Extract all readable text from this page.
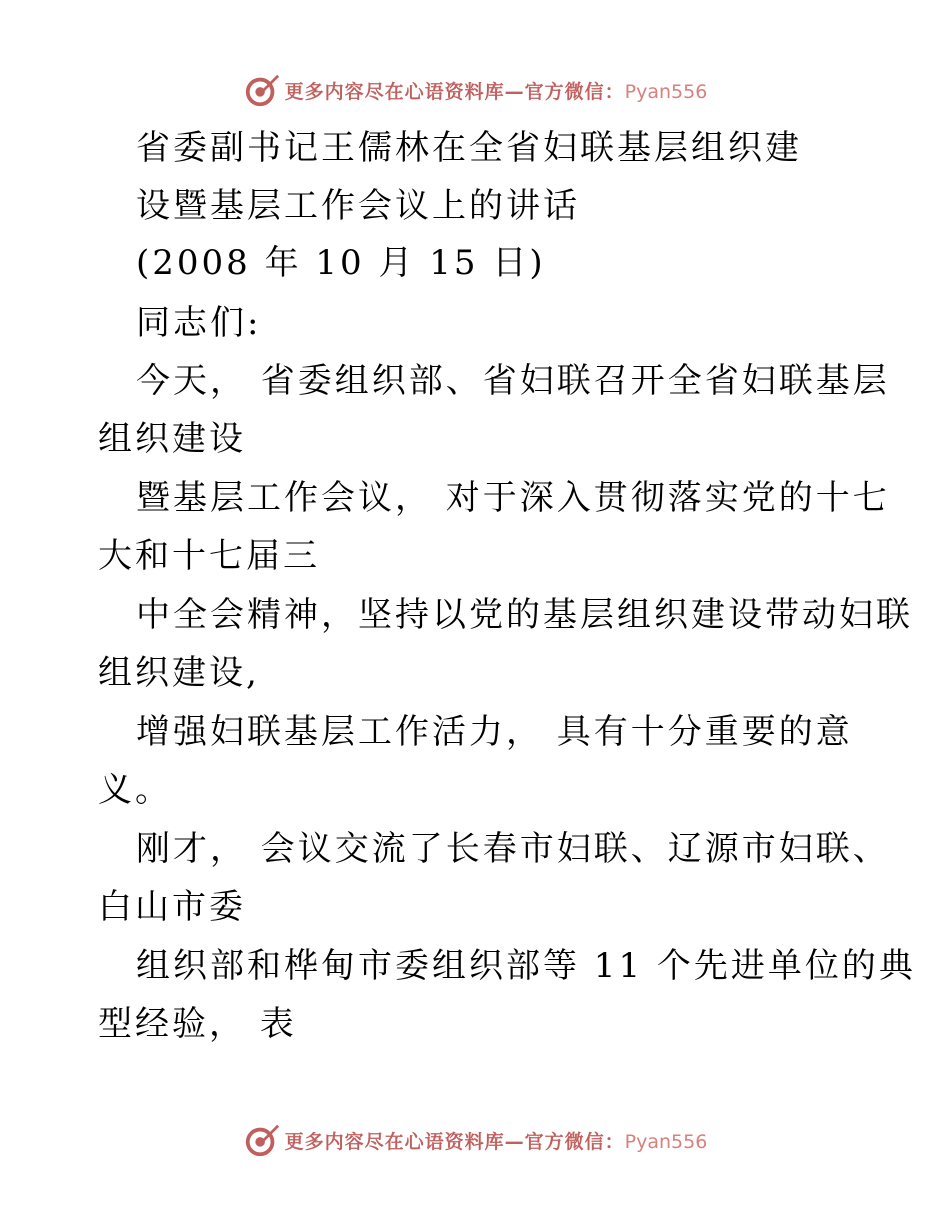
更多内容尽在心语资料库—官方微信：Pyan556
省委副书记王儒林在全省妇联基层组织建
设暨基层工作会议上的讲话
(2008 年 10 月 15 日)
同志们:
今天， 省委组织部、省妇联召开全省妇联基层
组织建设
暨基层工作会议， 对于深入贯彻落实党的十七
大和十七届三
中全会精神，坚持以党的基层组织建设带动妇联
组织建设,
增强妇联基层工作活力， 具有十分重要的意
义。
刚才， 会议交流了长春市妇联、辽源市妇联、
白山市委
组织部和桦甸市委组织部等 11 个先进单位的典
型经验， 表
更多内容尽在心语资料库—官方微信：Pyan556
